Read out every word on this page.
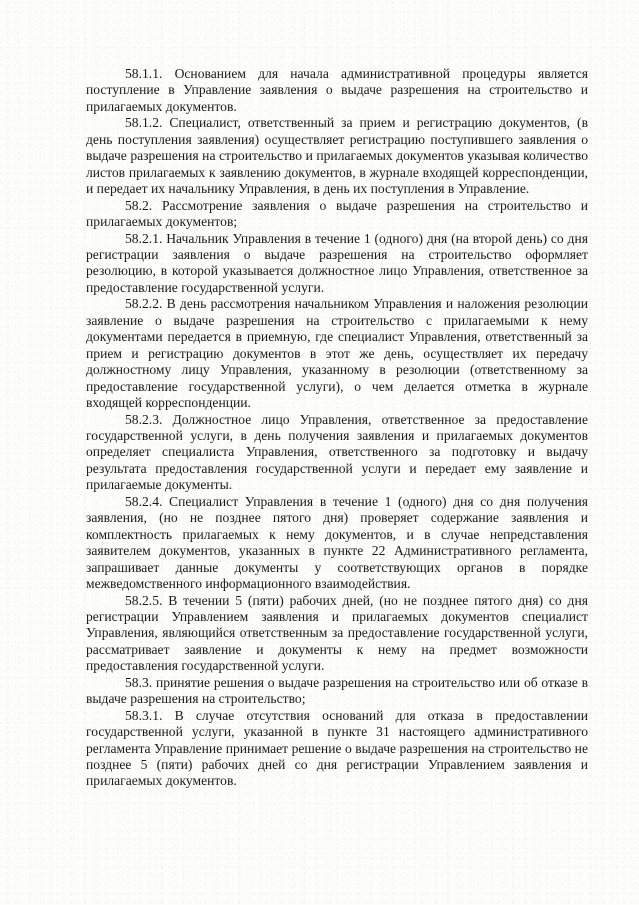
58.1.1. Основанием для начала административной процедуры является поступление в Управление заявления о выдаче разрешения на строительство и прилагаемых документов.

58.1.2. Специалист, ответственный за прием и регистрацию документов, (в день поступления заявления) осуществляет регистрацию поступившего заявления о выдаче разрешения на строительство и прилагаемых документов указывая количество листов прилагаемых к заявлению документов, в журнале входящей корреспонденции, и передает их начальнику Управления, в день их поступления в Управление.

58.2. Рассмотрение заявления о выдаче разрешения на строительство и прилагаемых документов;

58.2.1. Начальник Управления в течение 1 (одного) дня (на второй день) со дня регистрации заявления о выдаче разрешения на строительство оформляет резолюцию, в которой указывается должностное лицо Управления, ответственное за предоставление государственной услуги.

58.2.2. В день рассмотрения начальником Управления и наложения резолюции заявление о выдаче разрешения на строительство с прилагаемыми к нему документами передается в приемную, где специалист Управления, ответственный за прием и регистрацию документов в этот же день, осуществляет их передачу должностному лицу Управления, указанному в резолюции (ответственному за предоставление государственной услуги), о чем делается отметка в журнале входящей корреспонденции.

58.2.3. Должностное лицо Управления, ответственное за предоставление государственной услуги, в день получения заявления и прилагаемых документов определяет специалиста Управления, ответственного за подготовку и выдачу результата предоставления государственной услуги и передает ему заявление и прилагаемые документы.

58.2.4. Специалист Управления в течение 1 (одного) дня со дня получения заявления, (но не позднее пятого дня) проверяет содержание заявления и комплектность прилагаемых к нему документов, и в случае непредставления заявителем документов, указанных в пункте 22 Административного регламента, запрашивает данные документы у соответствующих органов в порядке межведомственного информационного взаимодействия.

58.2.5. В течении 5 (пяти) рабочих дней, (но не позднее пятого дня) со дня регистрации Управлением заявления и прилагаемых документов специалист Управления, являющийся ответственным за предоставление государственной услуги, рассматривает заявление и документы к нему на предмет возможности предоставления государственной услуги.

58.3. принятие решения о выдаче разрешения на строительство или об отказе в выдаче разрешения на строительство;

58.3.1. В случае отсутствия оснований для отказа в предоставлении государственной услуги, указанной в пункте 31 настоящего административного регламента Управление принимает решение о выдаче разрешения на строительство не позднее 5 (пяти) рабочих дней со дня регистрации Управлением заявления и прилагаемых документов.
